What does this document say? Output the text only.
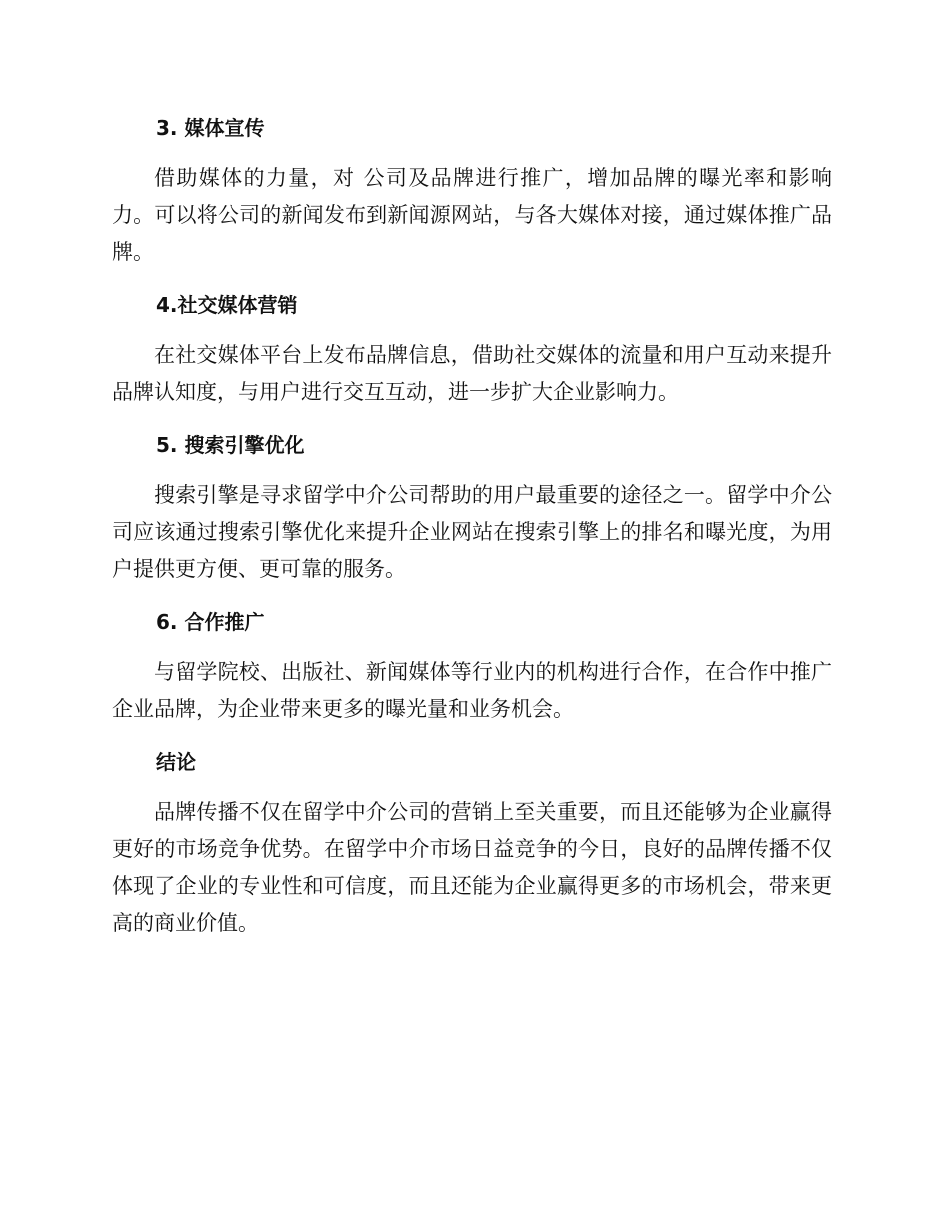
3. 媒体宣传

借助媒体的力量，对 公司及品牌进行推广，增加品牌的曝光率和影响力。可以将公司的新闻发布到新闻源网站，与各大媒体对接，通过媒体推广品牌。

4.社交媒体营销

在社交媒体平台上发布品牌信息，借助社交媒体的流量和用户互动来提升品牌认知度，与用户进行交互互动，进一步扩大企业影响力。

5. 搜索引擎优化

搜索引擎是寻求留学中介公司帮助的用户最重要的途径之一。留学中介公司应该通过搜索引擎优化来提升企业网站在搜索引擎上的排名和曝光度，为用户提供更方便、更可靠的服务。

6. 合作推广

与留学院校、出版社、新闻媒体等行业内的机构进行合作，在合作中推广企业品牌，为企业带来更多的曝光量和业务机会。

结论

品牌传播不仅在留学中介公司的营销上至关重要，而且还能够为企业赢得更好的市场竞争优势。在留学中介市场日益竞争的今日，良好的品牌传播不仅体现了企业的专业性和可信度，而且还能为企业赢得更多的市场机会，带来更高的商业价值。
